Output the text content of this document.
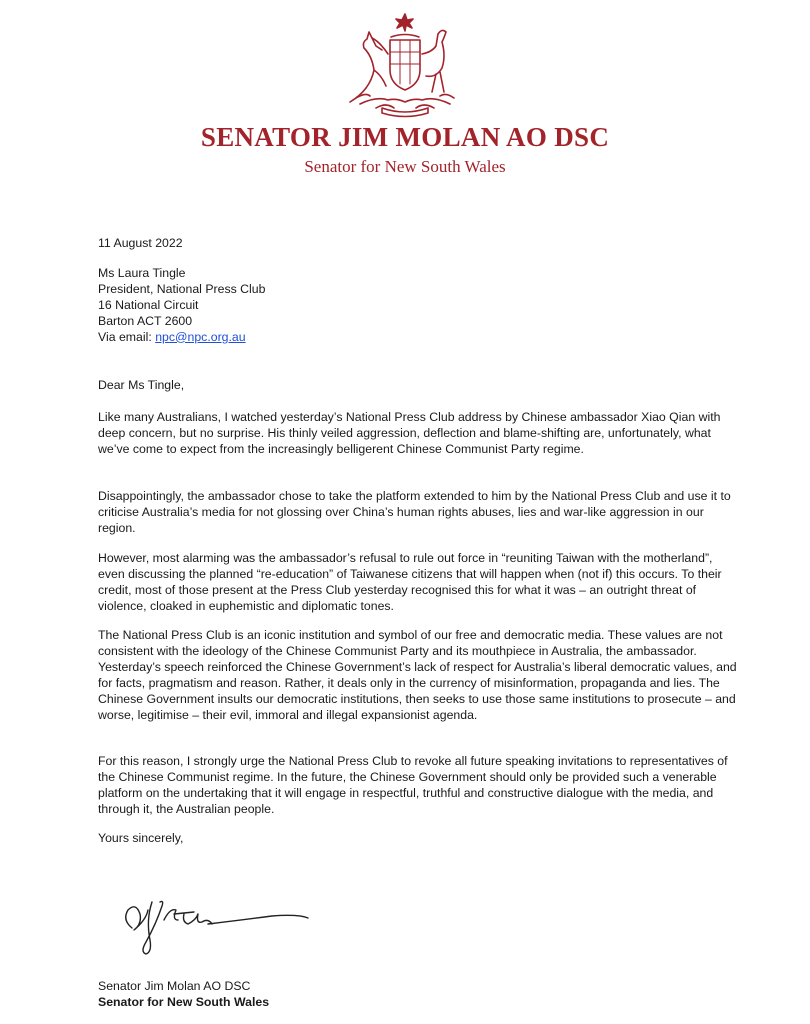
SENATOR JIM MOLAN AO DSC
Senator for New South Wales
11 August 2022
Ms Laura Tingle
President, National Press Club
16 National Circuit
Barton ACT 2600
Via email: npc@npc.org.au
Dear Ms Tingle,
Like many Australians, I watched yesterday’s National Press Club address by Chinese ambassador Xiao Qian with deep concern, but no surprise. His thinly veiled aggression, deflection and blame-shifting are, unfortunately, what we’ve come to expect from the increasingly belligerent Chinese Communist Party regime.
Disappointingly, the ambassador chose to take the platform extended to him by the National Press Club and use it to criticise Australia’s media for not glossing over China’s human rights abuses, lies and war-like aggression in our region.
However, most alarming was the ambassador’s refusal to rule out force in “reuniting Taiwan with the motherland”, even discussing the planned “re-education” of Taiwanese citizens that will happen when (not if) this occurs. To their credit, most of those present at the Press Club yesterday recognised this for what it was – an outright threat of violence, cloaked in euphemistic and diplomatic tones.
The National Press Club is an iconic institution and symbol of our free and democratic media. These values are not consistent with the ideology of the Chinese Communist Party and its mouthpiece in Australia, the ambassador. Yesterday’s speech reinforced the Chinese Government’s lack of respect for Australia’s liberal democratic values, and for facts, pragmatism and reason. Rather, it deals only in the currency of misinformation, propaganda and lies. The Chinese Government insults our democratic institutions, then seeks to use those same institutions to prosecute – and worse, legitimise – their evil, immoral and illegal expansionist agenda.
For this reason, I strongly urge the National Press Club to revoke all future speaking invitations to representatives of the Chinese Communist regime. In the future, the Chinese Government should only be provided such a venerable platform on the undertaking that it will engage in respectful, truthful and constructive dialogue with the media, and through it, the Australian people.
Yours sincerely,
Senator Jim Molan AO DSC
Senator for New South Wales
